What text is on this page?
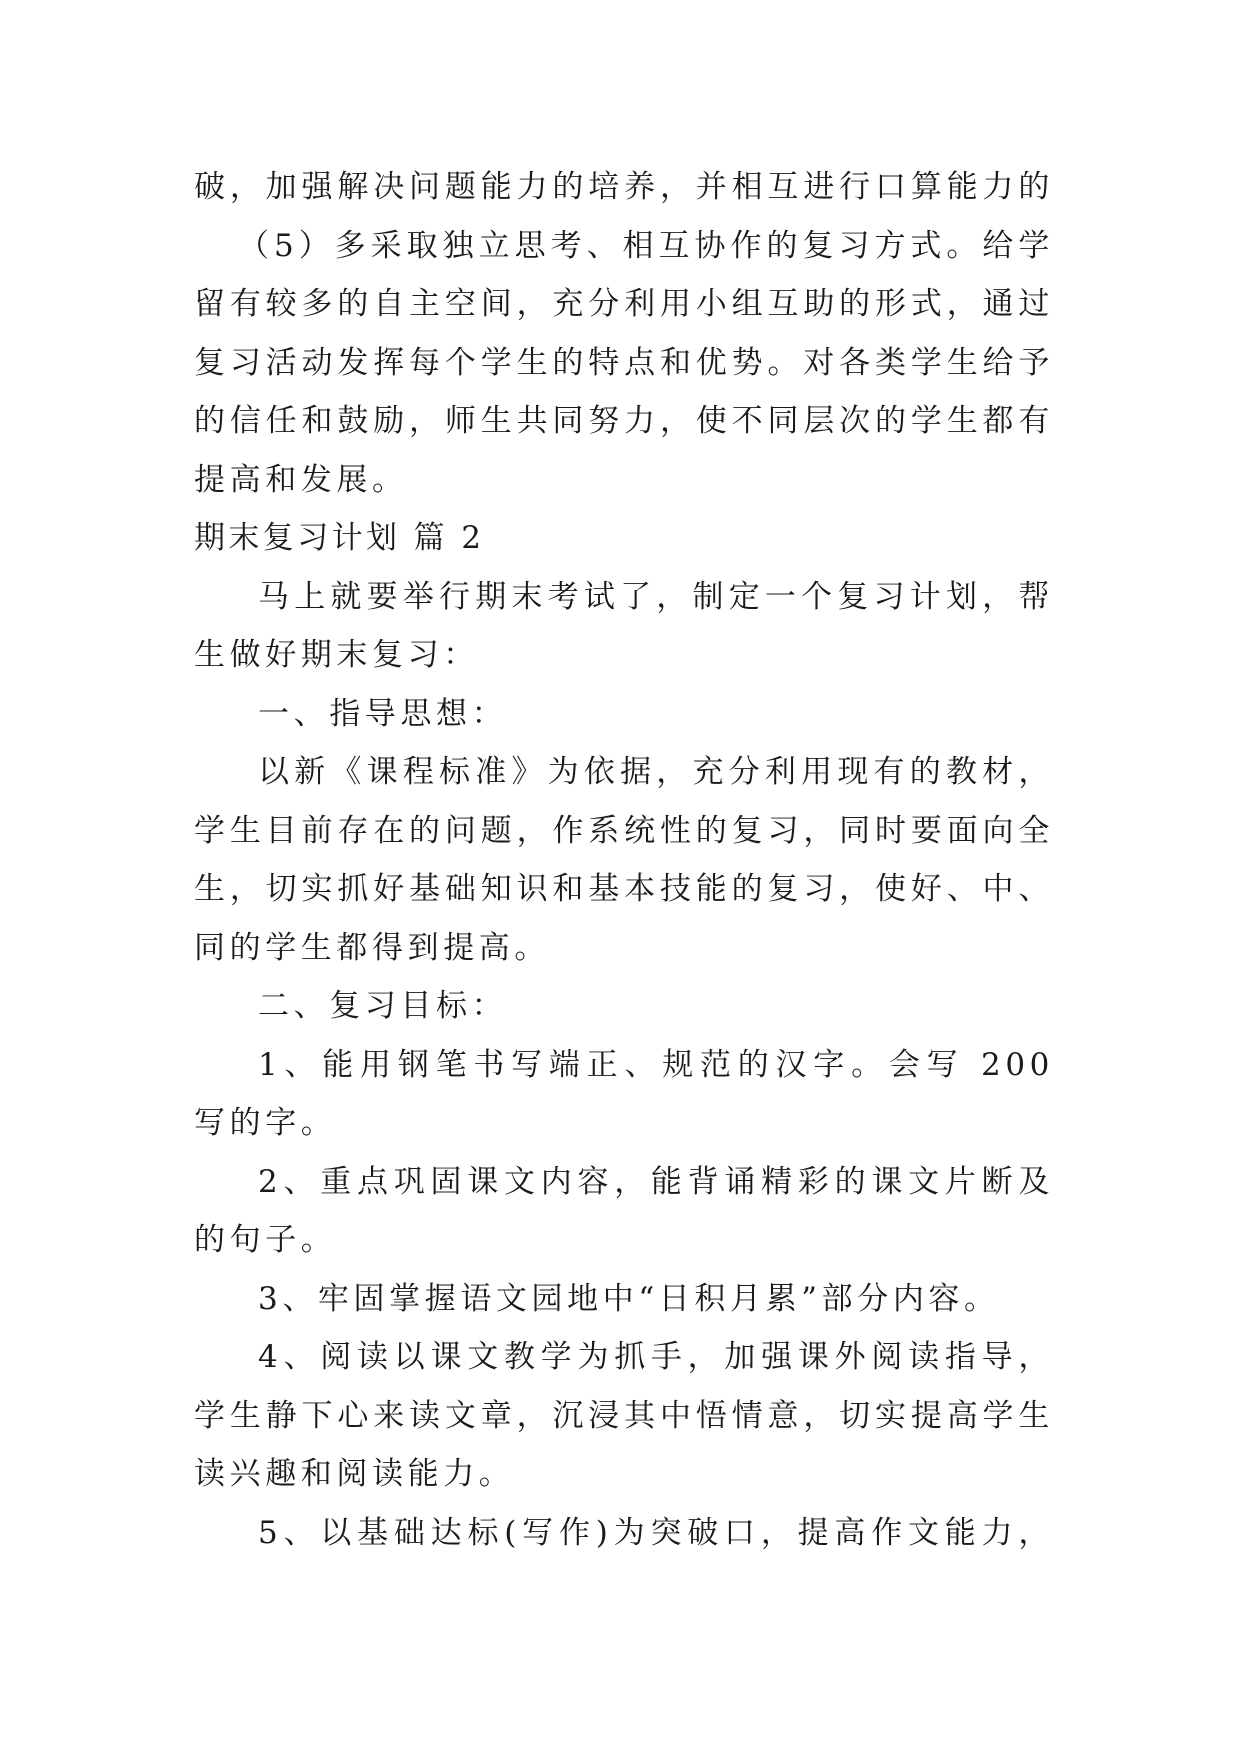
破，加强解决问题能力的培养，并相互进行口算能力的
（5）多采取独立思考、相互协作的复习方式。给学
留有较多的自主空间，充分利用小组互助的形式，通过
复习活动发挥每个学生的特点和优势。对各类学生给予
的信任和鼓励，师生共同努力，使不同层次的学生都有
提高和发展。
期末复习计划 篇 2
马上就要举行期末考试了，制定一个复习计划，帮
生做好期末复习：
一、指导思想：
以新《课程标准》为依据，充分利用现有的教材，
学生目前存在的问题，作系统性的复习，同时要面向全
生，切实抓好基础知识和基本技能的复习，使好、中、
同的学生都得到提高。
二、复习目标：
1、能用钢笔书写端正、规范的汉字。会写 200
写的字。
2、重点巩固课文内容，能背诵精彩的课文片断及
的句子。
3、牢固掌握语文园地中“日积月累”部分内容。
4、阅读以课文教学为抓手，加强课外阅读指导，
学生静下心来读文章，沉浸其中悟情意，切实提高学生
读兴趣和阅读能力。
5、以基础达标(写作)为突破口，提高作文能力，
